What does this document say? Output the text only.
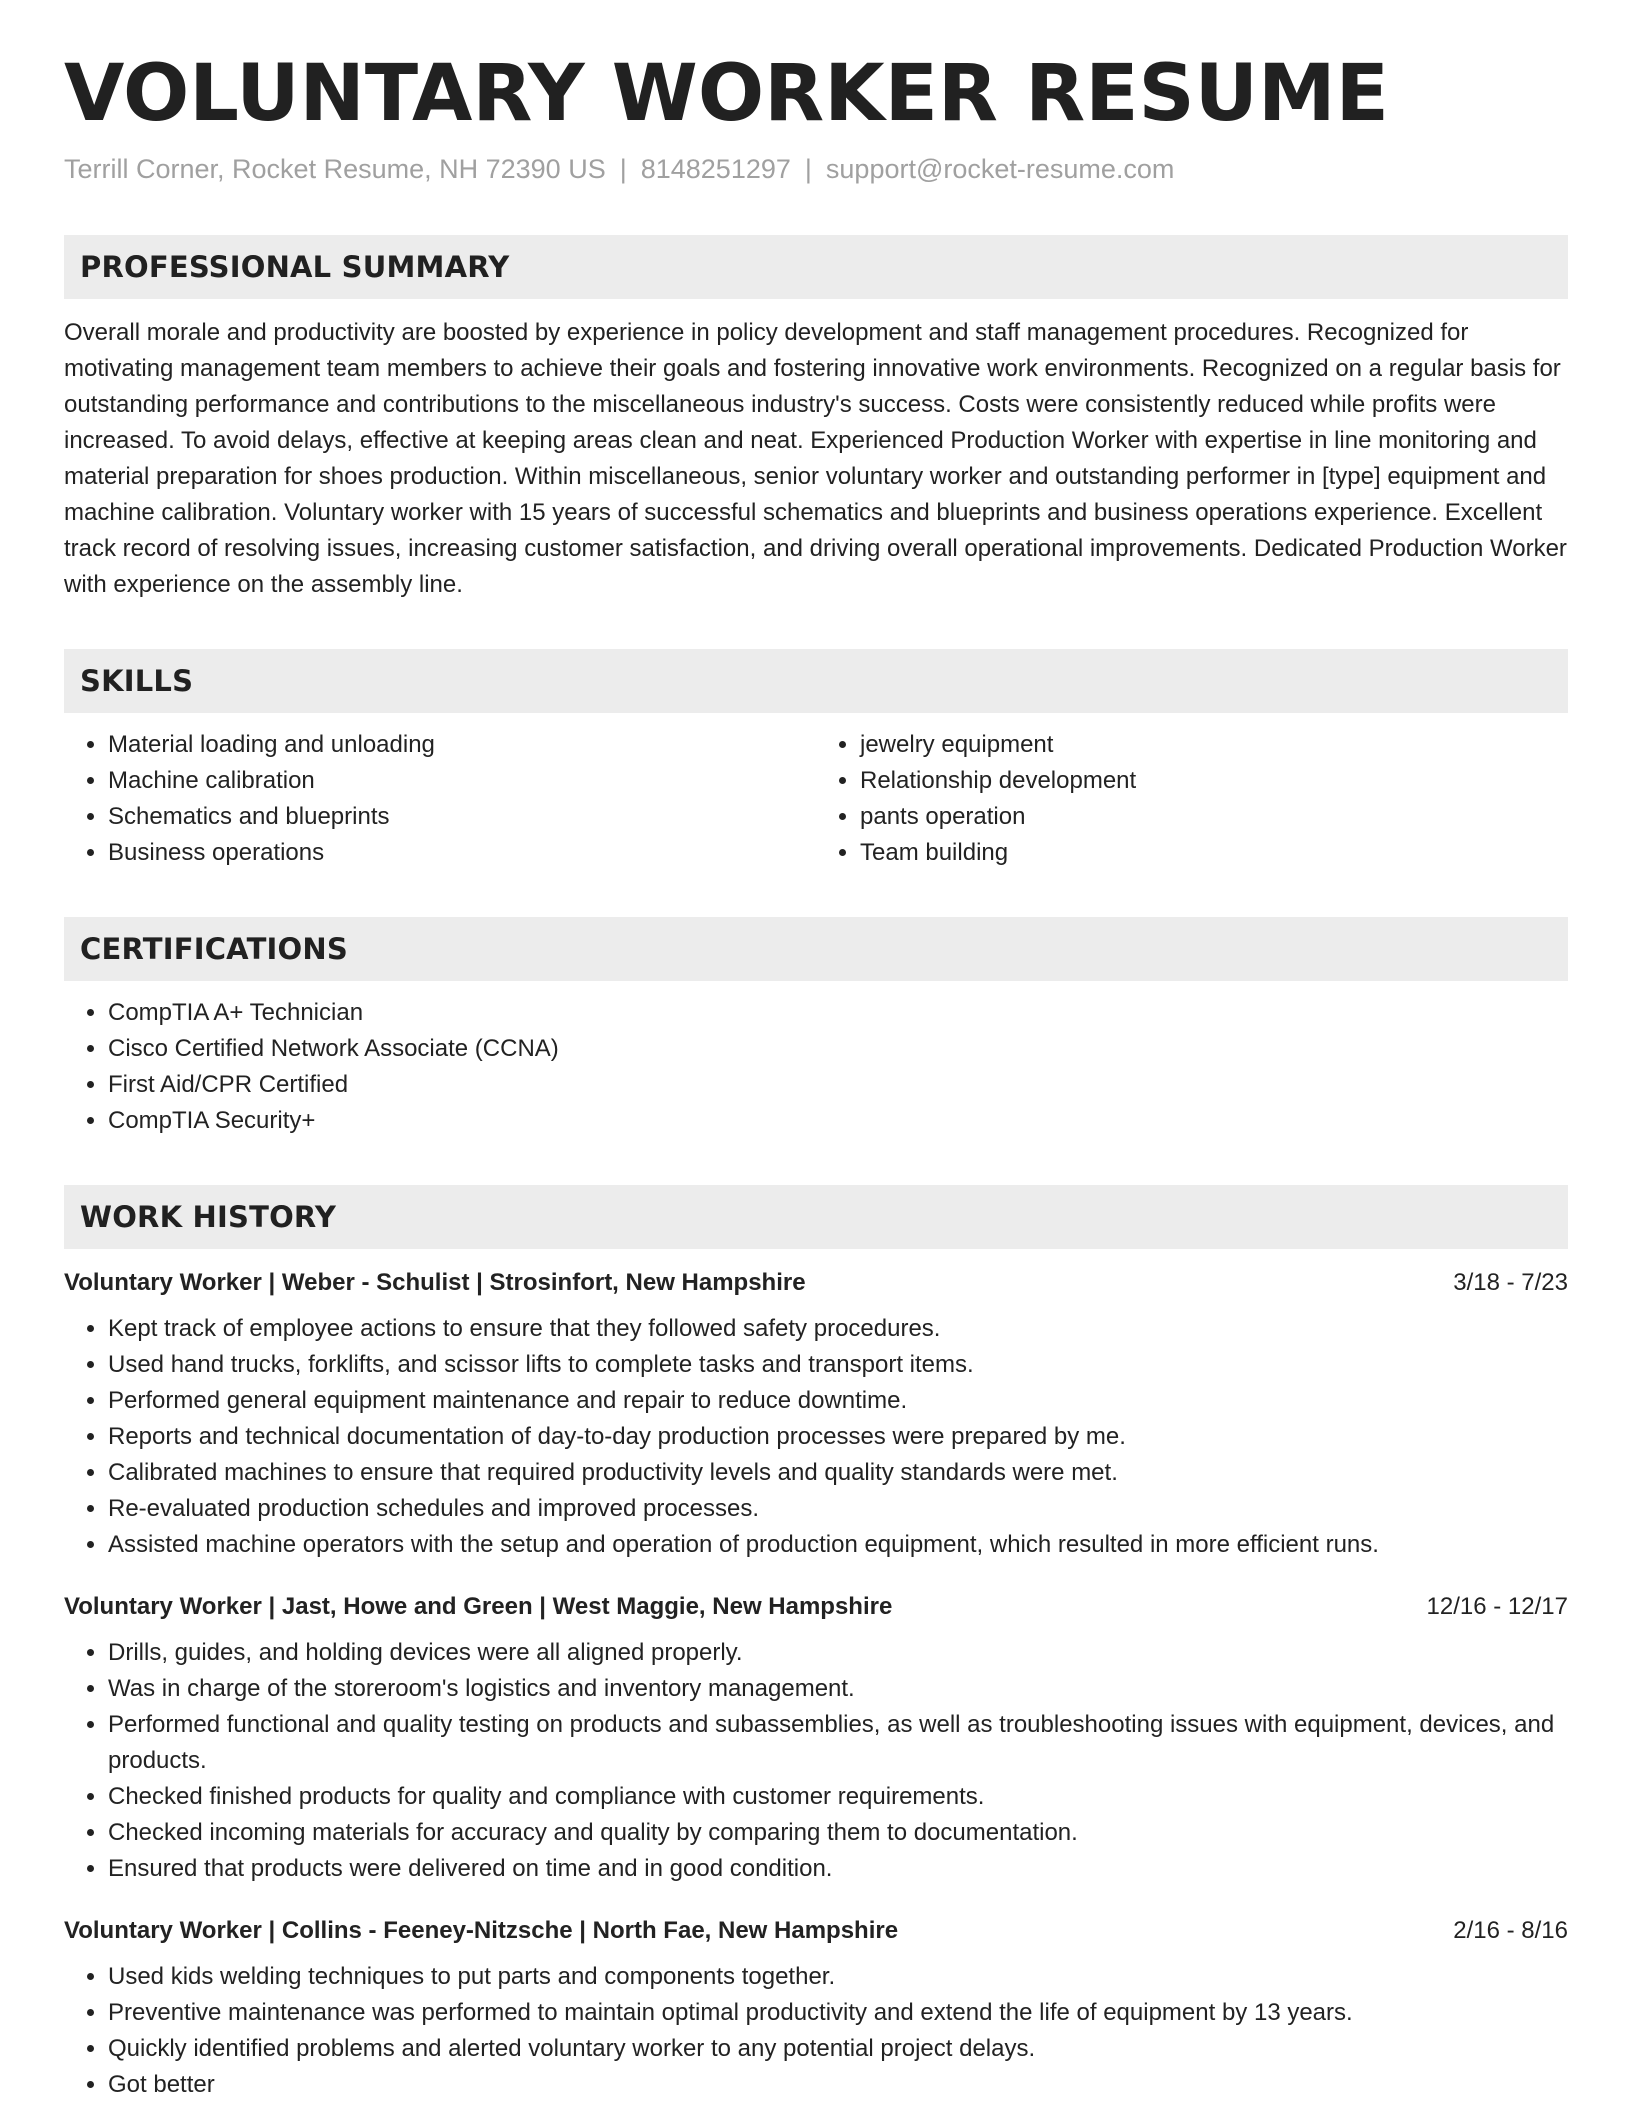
VOLUNTARY WORKER RESUME
Terrill Corner, Rocket Resume, NH 72390 US | 8148251297 | support@rocket-resume.com
PROFESSIONAL SUMMARY

Overall morale and productivity are boosted by experience in policy development and staff management procedures. Recognized for motivating management team members to achieve their goals and fostering innovative work environments. Recognized on a regular basis for outstanding performance and contributions to the miscellaneous industry's success. Costs were consistently reduced while profits were increased. To avoid delays, effective at keeping areas clean and neat. Experienced Production Worker with expertise in line monitoring and material preparation for shoes production. Within miscellaneous, senior voluntary worker and outstanding performer in [type] equipment and machine calibration. Voluntary worker with 15 years of successful schematics and blueprints and business operations experience. Excellent track record of resolving issues, increasing customer satisfaction, and driving overall operational improvements. Dedicated Production Worker with experience on the assembly line.

SKILLS
• Material loading and unloading
• Machine calibration
• Schematics and blueprints
• Business operations
• jewelry equipment
• Relationship development
• pants operation
• Team building
CERTIFICATIONS
• CompTIA A+ Technician
• Cisco Certified Network Associate (CCNA)
• First Aid/CPR Certified
• CompTIA Security+
WORK HISTORY
Voluntary Worker | Weber - Schulist | Strosinfort, New Hampshire	3/18 - 7/23
• Kept track of employee actions to ensure that they followed safety procedures.
• Used hand trucks, forklifts, and scissor lifts to complete tasks and transport items.
• Performed general equipment maintenance and repair to reduce downtime.
• Reports and technical documentation of day-to-day production processes were prepared by me.
• Calibrated machines to ensure that required productivity levels and quality standards were met.
• Re-evaluated production schedules and improved processes.
• Assisted machine operators with the setup and operation of production equipment, which resulted in more efficient runs.
Voluntary Worker | Jast, Howe and Green | West Maggie, New Hampshire	12/16 - 12/17
• Drills, guides, and holding devices were all aligned properly.
• Was in charge of the storeroom's logistics and inventory management.
• Performed functional and quality testing on products and subassemblies, as well as troubleshooting issues with equipment, devices, and products.
• Checked finished products for quality and compliance with customer requirements.
• Checked incoming materials for accuracy and quality by comparing them to documentation.
• Ensured that products were delivered on time and in good condition.
Voluntary Worker | Collins - Feeney-Nitzsche | North Fae, New Hampshire	2/16 - 8/16
• Used kids welding techniques to put parts and components together.
• Preventive maintenance was performed to maintain optimal productivity and extend the life of equipment by 13 years.
• Quickly identified problems and alerted voluntary worker to any potential project delays.
• Got better
